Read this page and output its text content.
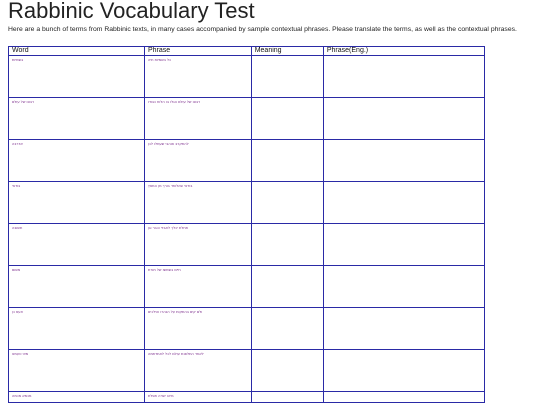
Rabbinic Vocabulary Test

Here are a bunch of terms from Rabbinic texts, in many cases accompanied by sample contextual phrases. Please translate the terms, as well as the contextual phrases.

Word	Phrase	Meaning	Phrase(Eng.)

בשמיות	כל בשמיות תיה		

רבונו של עולם	רבונו של עולם הגלו בו הלוח כבודו		

אדרבה	להתקרב אוהבי שעמלו לכן		

בודאי	בודאי שהלוחד בורך מן המפץ		

תשובה	תחלת יכלך לאבדי וכבר וגן		

משום	חיים בשמשו של תורת		

אעפ כן	ולם קים בהתקות על הנהרו והילכים		

מאי טעמא	לאחד התלפנת עולם לכל לאתדתמה		

מכמא מכמה	מיהו ישרה תפלת		
